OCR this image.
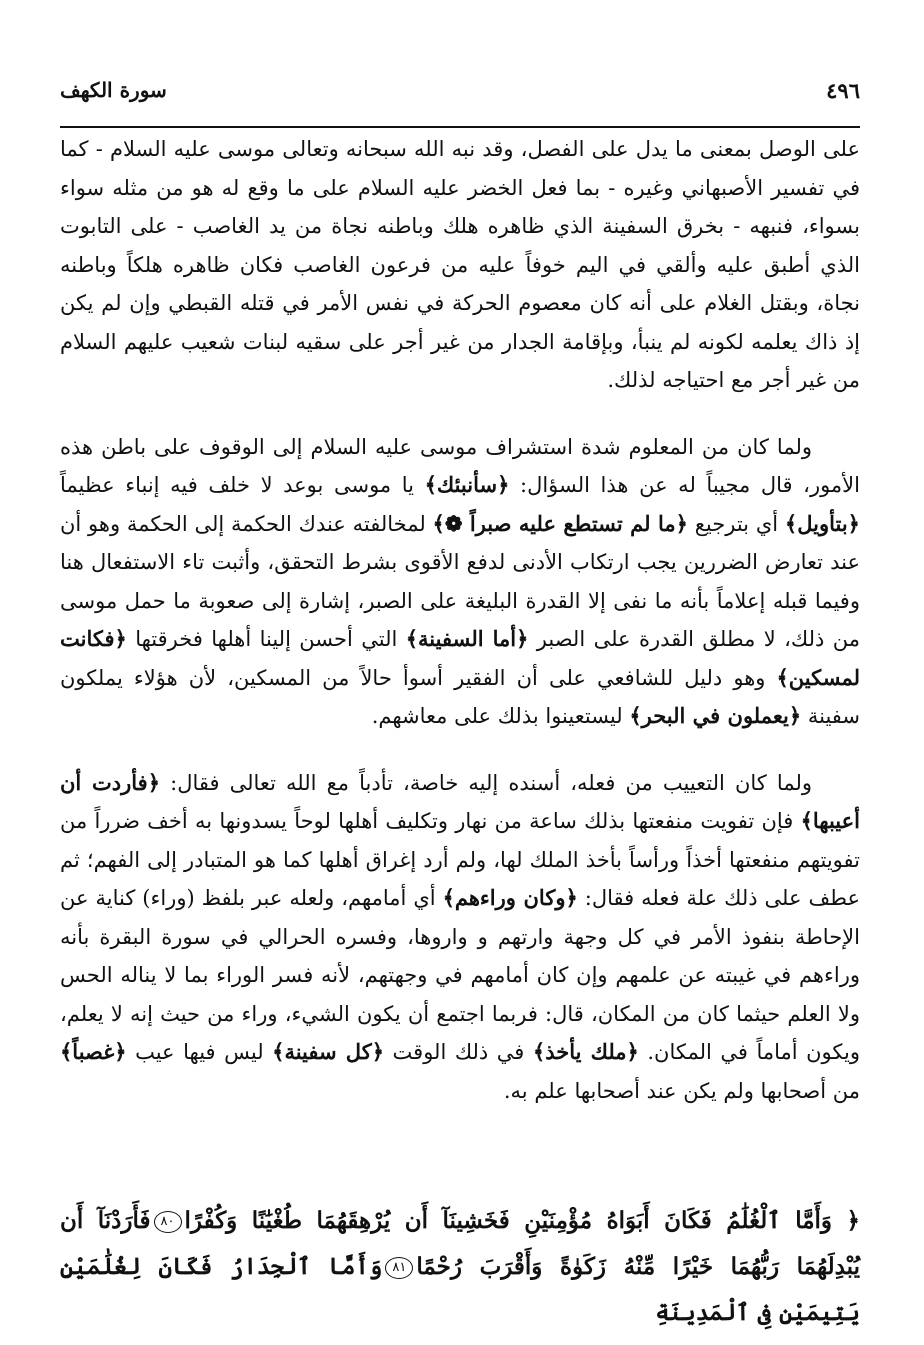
٤٩٦
سورة الكهف

على الوصل بمعنى ما يدل على الفصل، وقد نبه الله سبحانه وتعالى موسى عليه السلام - كما في تفسير الأصبهاني وغيره - بما فعل الخضر عليه السلام على ما وقع له هو من مثله سواء بسواء، فنبهه - بخرق السفينة الذي ظاهره هلك وباطنه نجاة من يد الغاصب - على التابوت الذي أطبق عليه وألقي في اليم خوفاً عليه من فرعون الغاصب فكان ظاهره هلكاً وباطنه نجاة، وبقتل الغلام على أنه كان معصوم الحركة في نفس الأمر في قتله القبطي وإن لم يكن إذ ذاك يعلمه لكونه لم ينبأ، وبإقامة الجدار من غير أجر على سقيه لبنات شعيب عليهم السلام من غير أجر مع احتياجه لذلك.

ولما كان من المعلوم شدة استشراف موسى عليه السلام إلى الوقوف على باطن هذه الأمور، قال مجيباً له عن هذا السؤال: ﴿سأنبئك﴾ يا موسى بوعد لا خلف فيه إنباء عظيماً ﴿بتأويل﴾ أي بترجيع ﴿ما لم تستطع عليه صبراً ❁﴾ لمخالفته عندك الحكمة إلى الحكمة وهو أن عند تعارض الضررين يجب ارتكاب الأدنى لدفع الأقوى بشرط التحقق، وأثبت تاء الاستفعال هنا وفيما قبله إعلاماً بأنه ما نفى إلا القدرة البليغة على الصبر، إشارة إلى صعوبة ما حمل موسى من ذلك، لا مطلق القدرة على الصبر ﴿أما السفينة﴾ التي أحسن إلينا أهلها فخرقتها ﴿فكانت لمسكين﴾ وهو دليل للشافعي على أن الفقير أسوأ حالاً من المسكين، لأن هؤلاء يملكون سفينة ﴿يعملون في البحر﴾ ليستعينوا بذلك على معاشهم.

ولما كان التعييب من فعله، أسنده إليه خاصة، تأدباً مع الله تعالى فقال: ﴿فأردت أن أعيبها﴾ فإن تفويت منفعتها بذلك ساعة من نهار وتكليف أهلها لوحاً يسدونها به أخف ضرراً من تفويتهم منفعتها أخذاً ورأساً بأخذ الملك لها، ولم أرد إغراق أهلها كما هو المتبادر إلى الفهم؛ ثم عطف على ذلك علة فعله فقال: ﴿وكان وراءهم﴾ أي أمامهم، ولعله عبر بلفظ (وراء) كناية عن الإحاطة بنفوذ الأمر في كل وجهة وارتهم و واروها، وفسره الحرالي في سورة البقرة بأنه وراءهم في غيبته عن علمهم وإن كان أمامهم في وجهتهم، لأنه فسر الوراء بما لا يناله الحس ولا العلم حيثما كان من المكان، قال: فربما اجتمع أن يكون الشيء، وراء من حيث إنه لا يعلم، ويكون أماماً في المكان. ﴿ملك يأخذ﴾ في ذلك الوقت ﴿كل سفينة﴾ ليس فيها عيب ﴿غصباً﴾ من أصحابها ولم يكن عند أصحابها علم به.

﴿ وَأَمَّا ٱلْغُلَٰمُ فَكَانَ أَبَوَاهُ مُؤْمِنَيْنِ فَخَشِينَآ أَن يُرْهِقَهُمَا طُغْيَٰنًا وَكُفْرًا٨٠فَأَرَدْنَآ أَن يُبْدِلَهُمَا رَبُّهُمَا خَيْرًا مِّنْهُ زَكَوٰةً وَأَقْرَبَ رُحْمًا٨١وَأَمَّا ٱلْجِدَارُ فَكَانَ لِغُلَٰمَيْنِ يَتِيمَيْنِ فِى ٱلْمَدِينَةِ
